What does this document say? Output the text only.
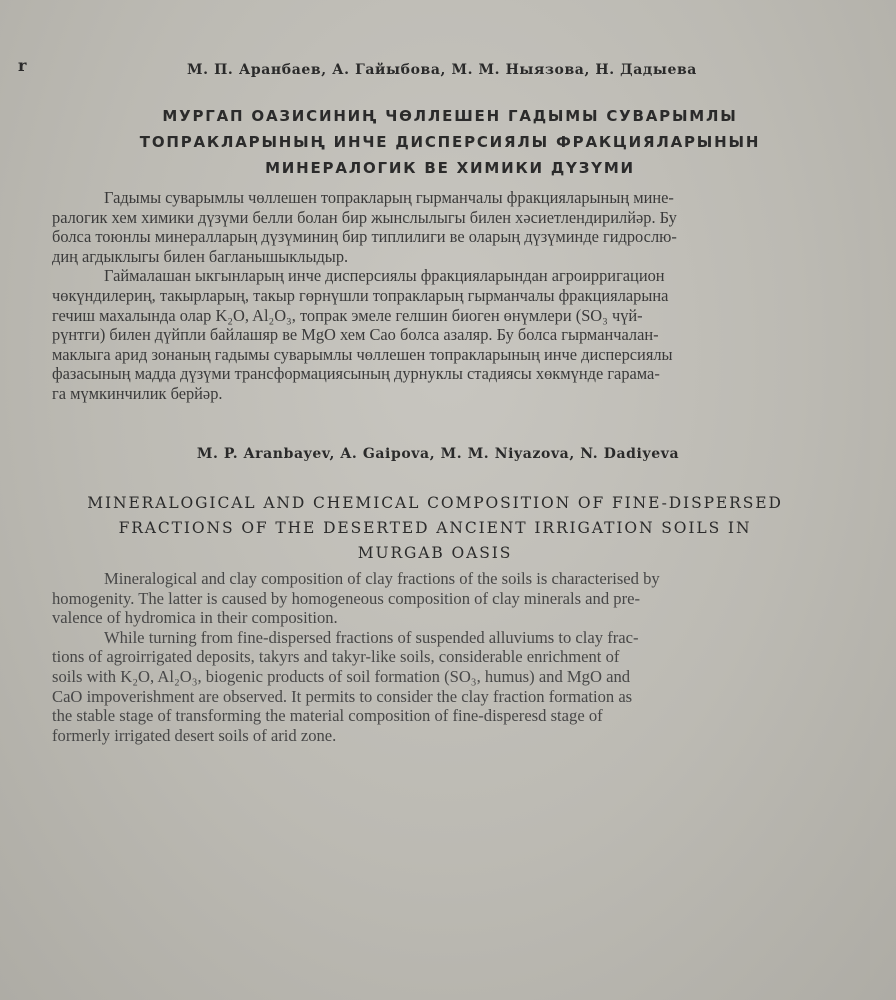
r	М. П. Аранбаев, А. Гайыбова, М. М. Ныязова, Н. Дадыева
МУРГАП ОАЗИСИНИҢ ЧӨЛЛЕШЕН ГАДЫМЫ СУВАРЫМЛЫ
ТОПРАКЛАРЫНЫҢ ИНЧЕ ДИСПЕРСИЯЛЫ ФРАКЦИЯЛАРЫНЫН
МИНЕРАЛОГИК ВЕ ХИМИКИ ДҮЗҮМИ
Гадымы суварымлы чөллешен топракларың гырманчалы фракцияларының мине-
ралогик хем химики дүзүми белли болан бир жынслылыгы билен хәсиетлендирилйәр. Бу
болса тоюнлы минералларың дүзүминиң бир типлилиги ве оларың дүзүминде гидрослю-
диң агдыклыгы билен багланышыклыдыр.
Гаймалашан ыкгынларың инче дисперсиялы фракцияларындан агроирригацион
чөкүндилериң, такырларың, такыр гөрнүшли топракларың гырманчалы фракцияларына
гечиш махалында олар K₂O, Al₂O₃, топрак эмеле гелшин биоген өнүмлери (SO₃ чүй-
рүнтги) билен дүйпли байлашяр ве MgO хем Сао болса азаляр. Бу болса гырманчалан-
маклыга арид зонаның гадымы суварымлы чөллешен топракларының инче дисперсиялы
фазасының мадда дүзүми трансформациясының дурнуклы стадиясы хөкмүнде гарама-
га мүмкинчилик берйәр.
M. P. Aranbayev, A. Gaipova, M. M. Niyazova, N. Dadiyeva
MINERALOGICAL AND CHEMICAL COMPOSITION OF FINE-DISPERSED
FRACTIONS OF THE DESERTED ANCIENT IRRIGATION SOILS IN
MURGAB OASIS
Mineralogical and clay composition of clay fractions of the soils is characterised by
homogenity. The latter is caused by homogeneous composition of clay minerals and pre-
valence of hydromica in their composition.
While turning from fine-dispersed fractions of suspended alluviums to clay frac-
tions of agroirrigated deposits, takyrs and takyr-like soils, considerable enrichment of
soils with K₂O, Al₂O₃, biogenic products of soil formation (SO₃, humus) and MgO and
CaO impoverishment are observed. It permits to consider the clay fraction formation as
the stable stage of transforming the material composition of fine-disperesd stage of
formerly irrigated desert soils of arid zone.
